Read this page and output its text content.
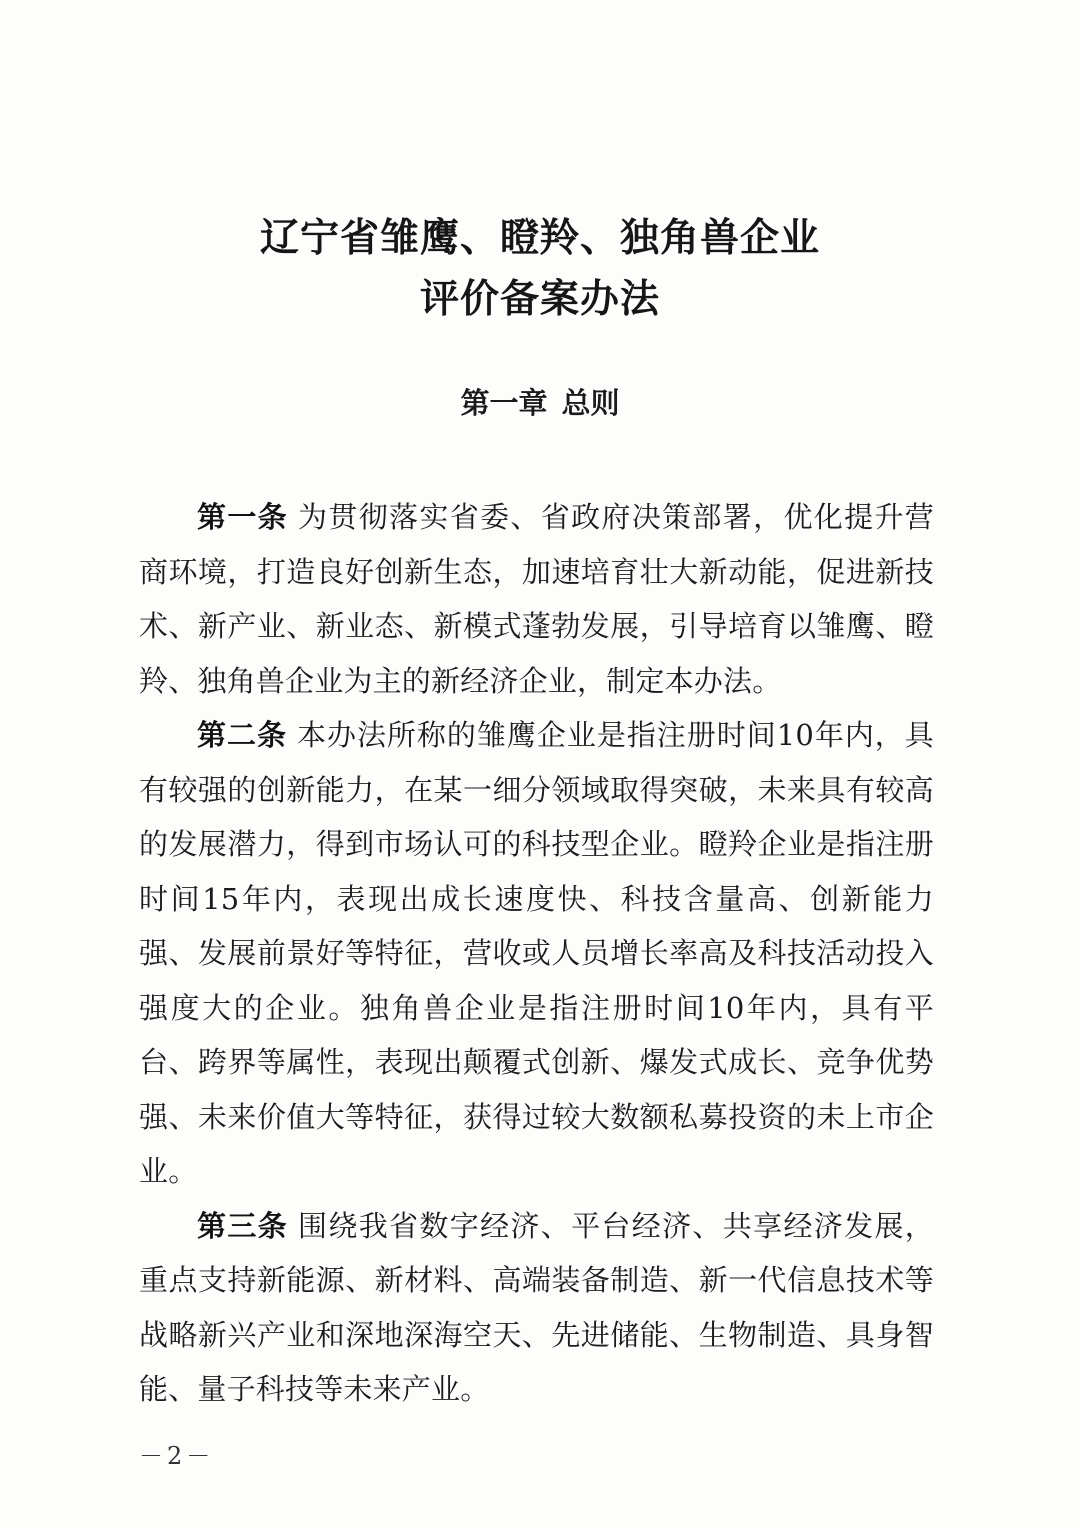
辽宁省雏鹰、瞪羚、独角兽企业
评价备案办法
第一章 总则

第一条 为贯彻落实省委、省政府决策部署，优化提升营商环境，打造良好创新生态，加速培育壮大新动能，促进新技术、新产业、新业态、新模式蓬勃发展，引导培育以雏鹰、瞪羚、独角兽企业为主的新经济企业，制定本办法。

第二条 本办法所称的雏鹰企业是指注册时间10年内，具有较强的创新能力，在某一细分领域取得突破，未来具有较高的发展潜力，得到市场认可的科技型企业。瞪羚企业是指注册时间15年内，表现出成长速度快、科技含量高、创新能力强、发展前景好等特征，营收或人员增长率高及科技活动投入强度大的企业。独角兽企业是指注册时间10年内，具有平台、跨界等属性，表现出颠覆式创新、爆发式成长、竞争优势强、未来价值大等特征，获得过较大数额私募投资的未上市企业。

第三条 围绕我省数字经济、平台经济、共享经济发展，重点支持新能源、新材料、高端装备制造、新一代信息技术等战略新兴产业和深地深海空天、先进储能、生物制造、具身智能、量子科技等未来产业。

－2－
